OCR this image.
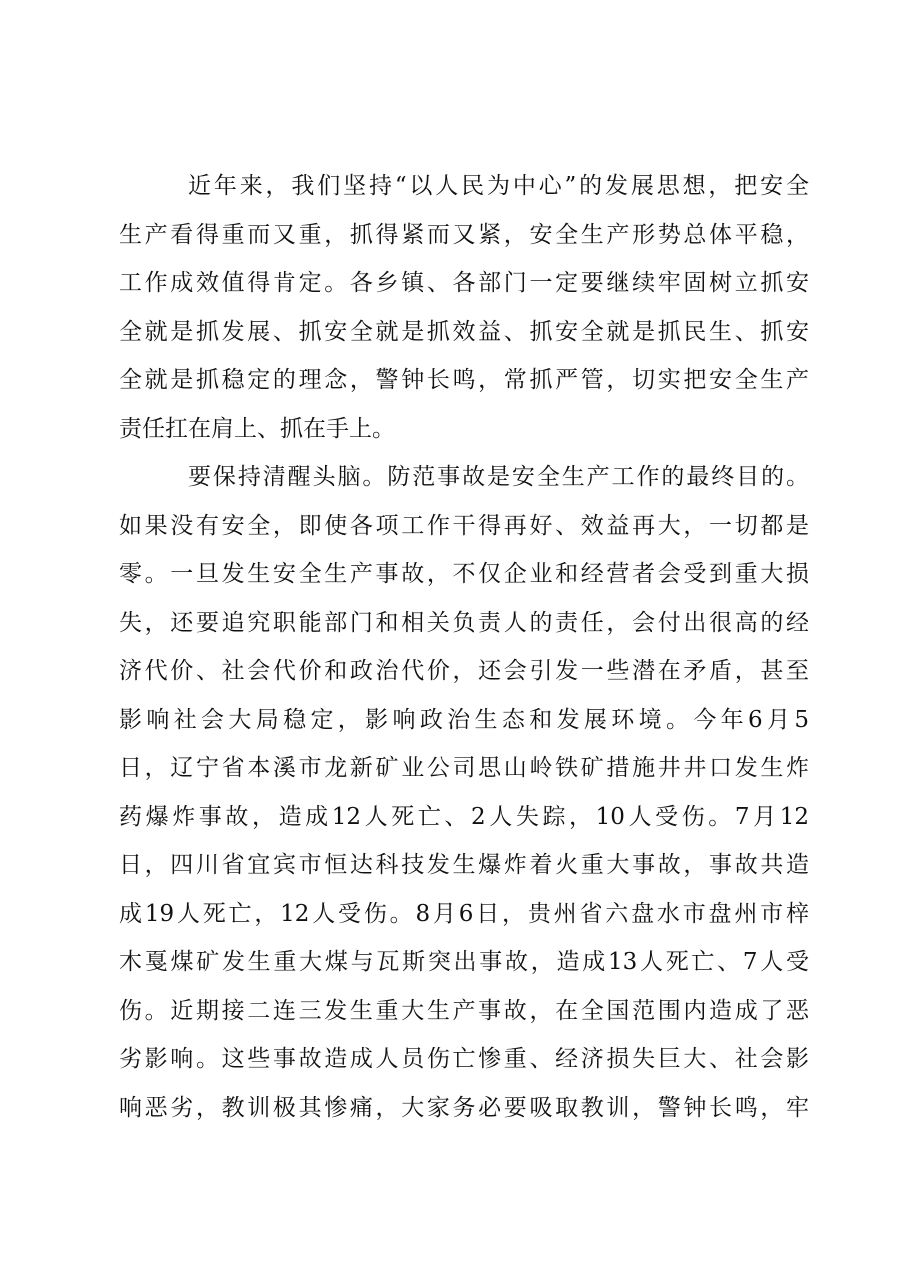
近年来，我们坚持“以人民为中心”的发展思想，把安全
生产看得重而又重，抓得紧而又紧，安全生产形势总体平稳，
工作成效值得肯定。各乡镇、各部门一定要继续牢固树立抓安
全就是抓发展、抓安全就是抓效益、抓安全就是抓民生、抓安
全就是抓稳定的理念，警钟长鸣，常抓严管，切实把安全生产
责任扛在肩上、抓在手上。
要保持清醒头脑。防范事故是安全生产工作的最终目的。
如果没有安全，即使各项工作干得再好、效益再大，一切都是
零。一旦发生安全生产事故，不仅企业和经营者会受到重大损
失，还要追究职能部门和相关负责人的责任，会付出很高的经
济代价、社会代价和政治代价，还会引发一些潜在矛盾，甚至
影响社会大局稳定，影响政治生态和发展环境。今年6月5
日，辽宁省本溪市龙新矿业公司思山岭铁矿措施井井口发生炸
药爆炸事故，造成12人死亡、2人失踪，10人受伤。7月12
日，四川省宜宾市恒达科技发生爆炸着火重大事故，事故共造
成19人死亡，12人受伤。8月6日，贵州省六盘水市盘州市梓
木戛煤矿发生重大煤与瓦斯突出事故，造成13人死亡、7人受
伤。近期接二连三发生重大生产事故，在全国范围内造成了恶
劣影响。这些事故造成人员伤亡惨重、经济损失巨大、社会影
响恶劣，教训极其惨痛，大家务必要吸取教训，警钟长鸣，牢
